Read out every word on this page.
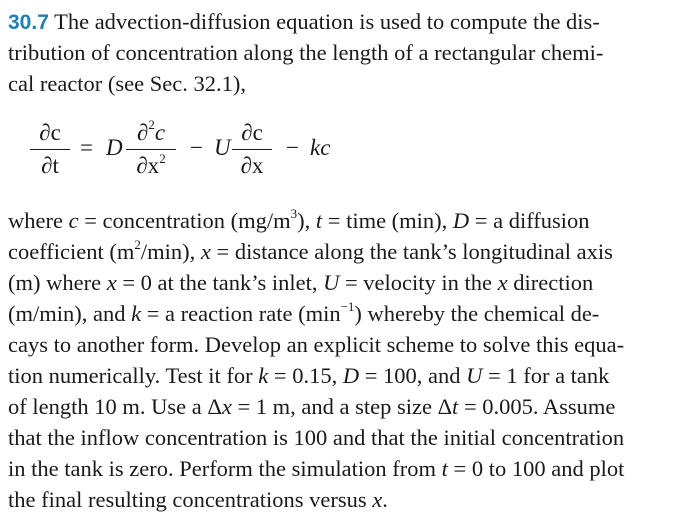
30.7 The advection-diffusion equation is used to compute the dis-
tribution of concentration along the length of a rectangular chemi-
cal reactor (see Sec. 32.1),
∂c
∂t
= D
∂$^2$c
$\partial x^2$	− U
∂c
∂x
− kc
where c = concentration $(mg/m^3)$, t = time (min), D = a diffusion
coefficient $(m^2/\min)$, x = distance along the tank’s longitudinal axis
(m) where x = 0 at the tank’s inlet, U = velocity in the x direction
(m/min), and k = a reaction rate $(\min^{-1})$ whereby the chemical de-
cays to another form. Develop an explicit scheme to solve this equa-
tion numerically. Test it for k = 0.15, D = 100, and U = 1 for a tank
of length 10 m. Use a Δx = 1 m, and a step size Δt = 0.005. Assume
that the inflow concentration is 100 and that the initial concentration
in the tank is zero. Perform the simulation from t = 0 to 100 and plot
the final resulting concentrations versus x.
